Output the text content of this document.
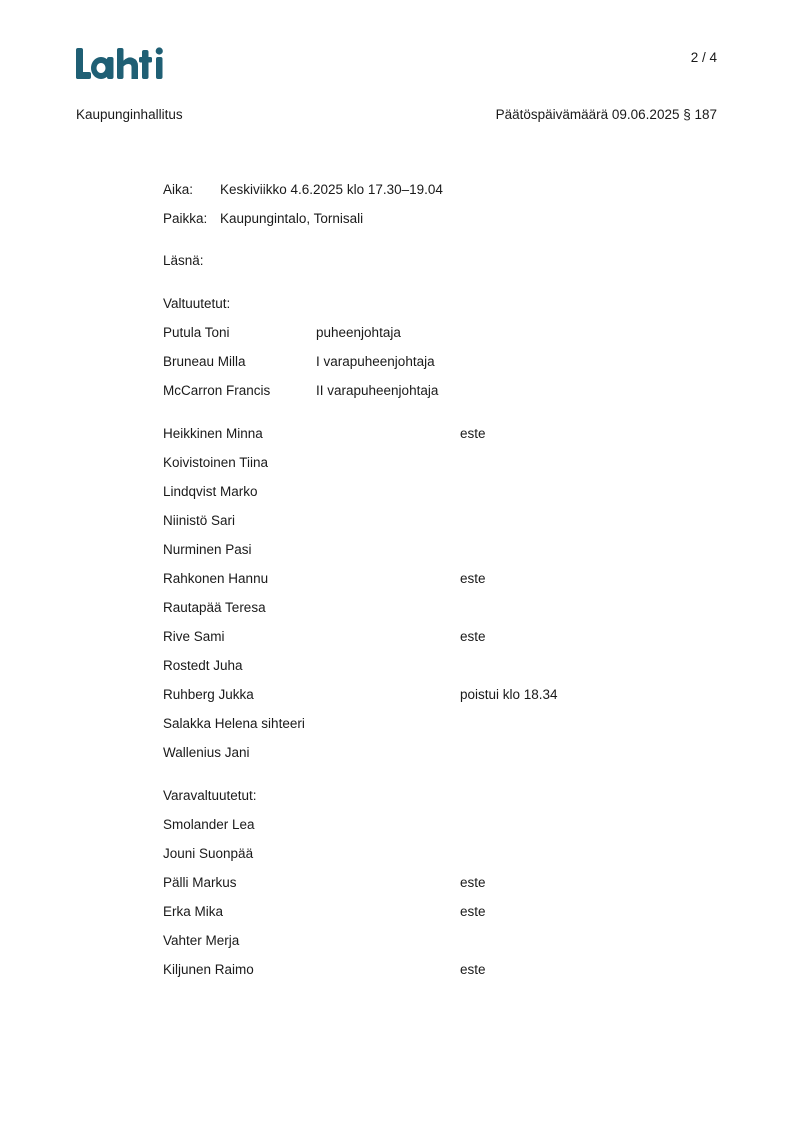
2 / 4
Kaupunginhallitus	Päätöspäivämäärä 09.06.2025 § 187
Aika: Keskiviikko 4.6.2025 klo 17.30–19.04
Paikka: Kaupungintalo, Tornisali
Läsnä:
Valtuutetut:
Putula Toni	puheenjohtaja
Bruneau Milla	I varapuheenjohtaja
McCarron Francis	II varapuheenjohtaja
Heikkinen Minna	este
Koivistoinen Tiina
Lindqvist Marko
Niinistö Sari
Nurminen Pasi
Rahkonen Hannu	este
Rautapää Teresa
Rive Sami	este
Rostedt Juha
Ruhberg Jukka	poistui klo 18.34
Salakka Helena sihteeri
Wallenius Jani
Varavaltuutetut:
Smolander Lea
Jouni Suonpää
Pälli Markus	este
Erka Mika	este
Vahter Merja
Kiljunen Raimo	este
